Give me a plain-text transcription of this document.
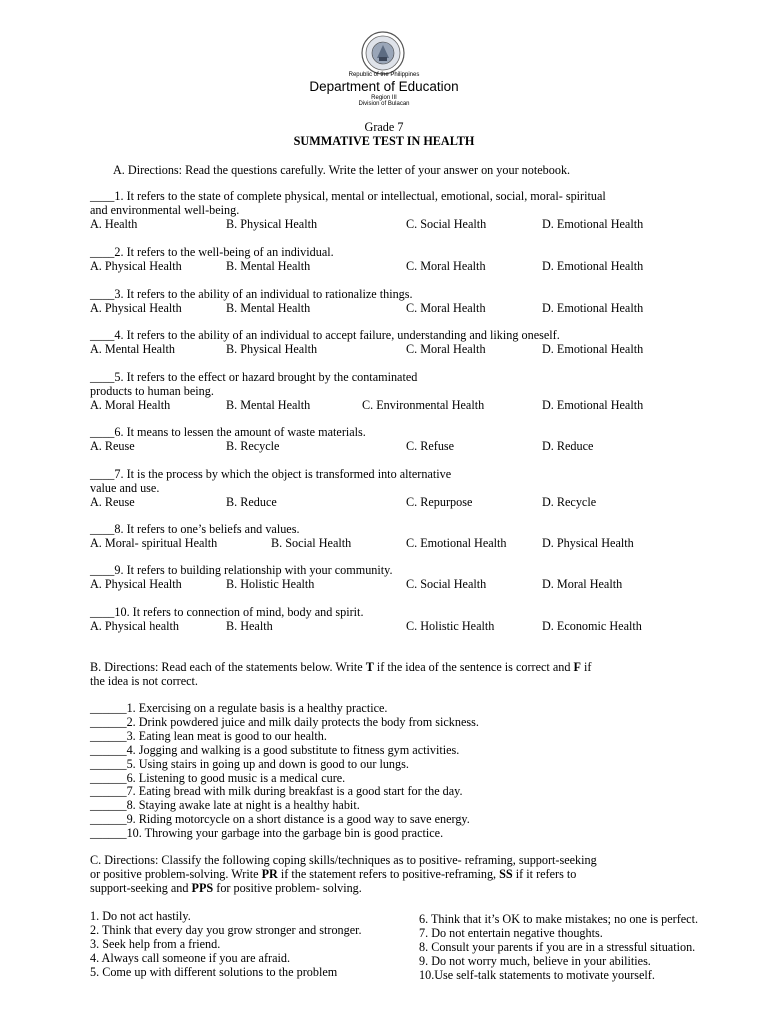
Republic of the Philippines
Department of Education
Region III
Division of Bulacan
Grade 7
SUMMATIVE TEST IN HEALTH
A. Directions: Read the questions carefully. Write the letter of your answer on your notebook.
____1. It refers to the state of complete physical, mental or intellectual, emotional, social, moral- spiritual
and environmental well-being.
A. Health	B. Physical Health	C. Social Health	D. Emotional Health
____2. It refers to the well-being of an individual.
A. Physical Health	B. Mental Health	C. Moral Health	D. Emotional Health
____3. It refers to the ability of an individual to rationalize things.
A. Physical Health	B. Mental Health	C. Moral Health	D. Emotional Health
____4. It refers to the ability of an individual to accept failure, understanding and liking oneself.
A. Mental Health	B. Physical Health	C. Moral Health	D. Emotional Health
____5. It refers to the effect or hazard brought by the contaminated
products to human being.
A. Moral Health	B. Mental Health	C. Environmental Health	D. Emotional Health
____6. It means to lessen the amount of waste materials.
A. Reuse	B. Recycle	C. Refuse	D. Reduce
____7. It is the process by which the object is transformed into alternative
value and use.
A. Reuse	B. Reduce	C. Repurpose	D. Recycle
____8. It refers to one’s beliefs and values.
A. Moral- spiritual Health	B. Social Health	C. Emotional Health	D. Physical Health
____9. It refers to building relationship with your community.
A. Physical Health	B. Holistic Health	C. Social Health	D. Moral Health
____10. It refers to connection of mind, body and spirit.
A. Physical health	B. Health	C. Holistic Health	D. Economic Health
B. Directions: Read each of the statements below. Write T if the idea of the sentence is correct and F if
the idea is not correct.
______1. Exercising on a regulate basis is a healthy practice.
______2. Drink powdered juice and milk daily protects the body from sickness.
______3. Eating lean meat is good to our health.
______4. Jogging and walking is a good substitute to fitness gym activities.
______5. Using stairs in going up and down is good to our lungs.
______6. Listening to good music is a medical cure.
______7. Eating bread with milk during breakfast is a good start for the day.
______8. Staying awake late at night is a healthy habit.
______9. Riding motorcycle on a short distance is a good way to save energy.
______10. Throwing your garbage into the garbage bin is good practice.
C. Directions: Classify the following coping skills/techniques as to positive- reframing, support-seeking
or positive problem-solving. Write PR if the statement refers to positive-reframing, SS if it refers to
support-seeking and PPS for positive problem- solving.
1. Do not act hastily.
2. Think that every day you grow stronger and stronger.
3. Seek help from a friend.
4. Always call someone if you are afraid.
5. Come up with different solutions to the problem
6. Think that it’s OK to make mistakes; no one is perfect.
7. Do not entertain negative thoughts.
8. Consult your parents if you are in a stressful situation.
9. Do not worry much, believe in your abilities.
10.Use self-talk statements to motivate yourself.
